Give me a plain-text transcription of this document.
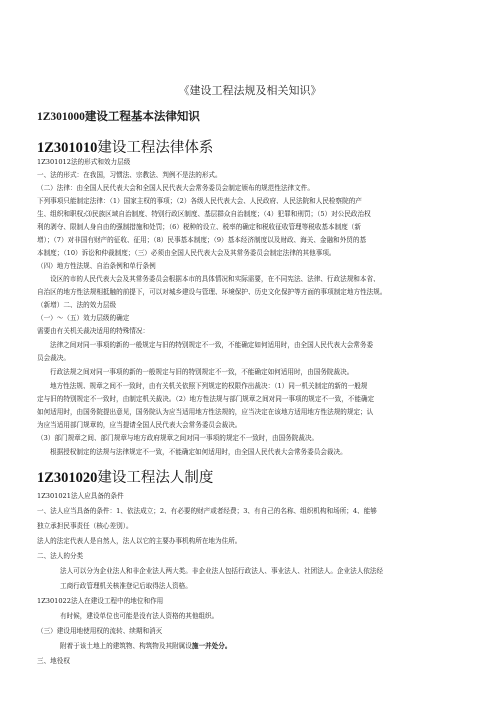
《建设工程法规及相关知识》
1Z301000建设工程基本法律知识
1Z301010建设工程法律体系
1Z301012法的形式和效力层级
一、法的形式：在我国，习惯法、宗教法、判例不是法的形式。
（二）法律：由全国人民代表大会和全国人民代表大会常务委员会制定颁布的规范性法律文件。
下列事项只能制定法律：（1）国家主权的事项；（2）各级人民代表大会、人民政府、人民法院和人民检察院的产
生、组织和职权;⑶民族区域自治制度、特别行政区制度、基层群众自治制度；（4）犯罪和刑罚；（5）对公民政治权
利的剥夺、限制人身自由的强制措施和处罚；（6）税种的设立、税率的确定和税收征收管理等税收基本制度（新
增）；（7）对非国有财产的征收、征用；（8）民事基本制度；（9）基本经济制度以及财政、海关、金融和外贸的基
本制度；（10）诉讼和仲裁制度；（三）必须由全国人民代表大会及其常务委员会制定法律的其他事项。
（四）地方性法规、自治条例和单行条例
设区的市的人民代表大会及其常务委员会根据本市的具体情况和实际需要，在不同宪法、法律、行政法规和本省、
自治区的地方性法规相抵触的前提下，可以对城乡建设与管理、环境保护、历史文化保护等方面的事项制定地方性法规。
（新增）二、法的效力层级
（一）～（五）效力层级的确定
需要由有关机关裁决适用的特殊情况：
法律之间对同一事项的新的一般规定与旧的特别规定不一致，不能确定如何适用时，由全国人民代表大会常务委
员会裁决。
行政法规之间对同一事项的新的一般规定与旧的特别规定不一致，不能确定如何适用时，由国务院裁决。
地方性法规、规章之间不一致时，由有关机关依照下列规定的权限作出裁决：（1）同一机关制定的新的一般规
定与旧的特别规定不一致时，由制定机关裁决。（2）地方性法规与部门规章之间对同一事项的规定不一致，不能确定
如何适用时，由国务院提出意见，国务院认为应当适用地方性法规的，应当决定在该地方适用地方性法规的规定；认
为应当适用部门规章的，应当提请全国人民代表大会常务委员会裁决。
（3）部门规章之间、部门规章与地方政府规章之间对同一事项的规定不一致时，由国务院裁决。
根据授权制定的法规与法律规定不一致，不能确定如何适用时，由全国人民代表大会常务委员会裁决。
1Z301020建设工程法人制度
1Z301021法人应具备的条件
一、法人应当具备的条件：1、依法成立；2、有必要的财产或者经费；3、有自己的名称、组织机构和场所；4、能够
独立承担民事责任（核心差别）。
法人的法定代表人是自然人，法人以它的主要办事机构所在地为住所。
二、法人的分类
法人可以分为企业法人和非企业法人两大类。非企业法人包括行政法人、事业法人、社团法人。企业法人依法经
工商行政管理机关核准登记后取得法人资格。
1Z301022法人在建设工程中的地位和作用
有时候，建设单位也可能是没有法人资格的其他组织。
（三）建设用地使用权的流转、续期和消灭
附着于该土地上的建筑物、构筑物及其附属设施一并处分。
三、地役权
